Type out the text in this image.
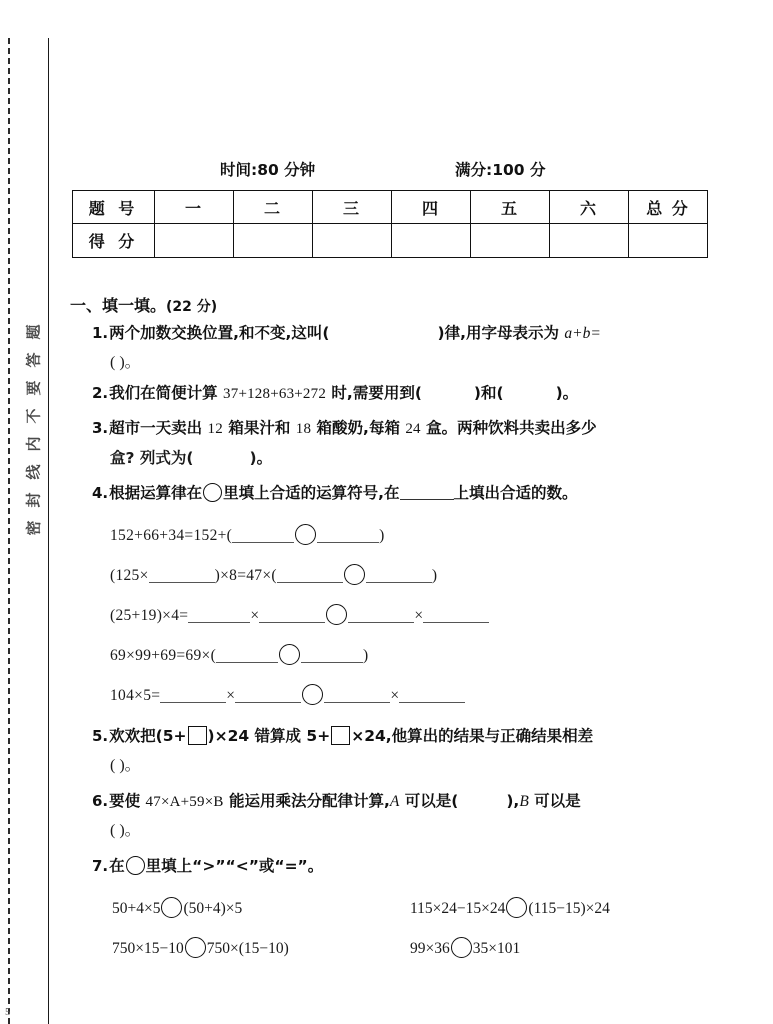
密封线内不要答题
5
时间:80 分钟	满分:100 分
题 号	一	二	三	四	五	六	总 分
得 分							
一、填一填。(22 分)
1.两个加数交换位置,和不变,这叫(	)律,用字母表示为 a+b=
( )。
2.我们在简便计算 37+128+63+272 时,需要用到(	)和(	)。
3.超市一天卖出 12 箱果汁和 18 箱酸奶,每箱 24 盒。两种饮料共卖出多少
盒? 列式为(	)。
4.根据运算律在 里填上合适的运算符号,在	上填出合适的数。
152+66+34=152+(	)
(125×	)×8=47×(	)
(25+19)×4=	×	×
69×99+69=69×(	)
104×5=	×	×
5.欢欢把(5+ )×24 错算成 5+ ×24,他算出的结果与正确结果相差
( )。
6.要使 47×A+59×B 能运用乘法分配律计算,A 可以是(	),B 可以是
( )。
7.在 里填上“>”“<”或“=”。
50+4×5 (50+4)×5	115×24−15×24 (115−15)×24
750×15−10 750×(15−10)	99×36 35×101
